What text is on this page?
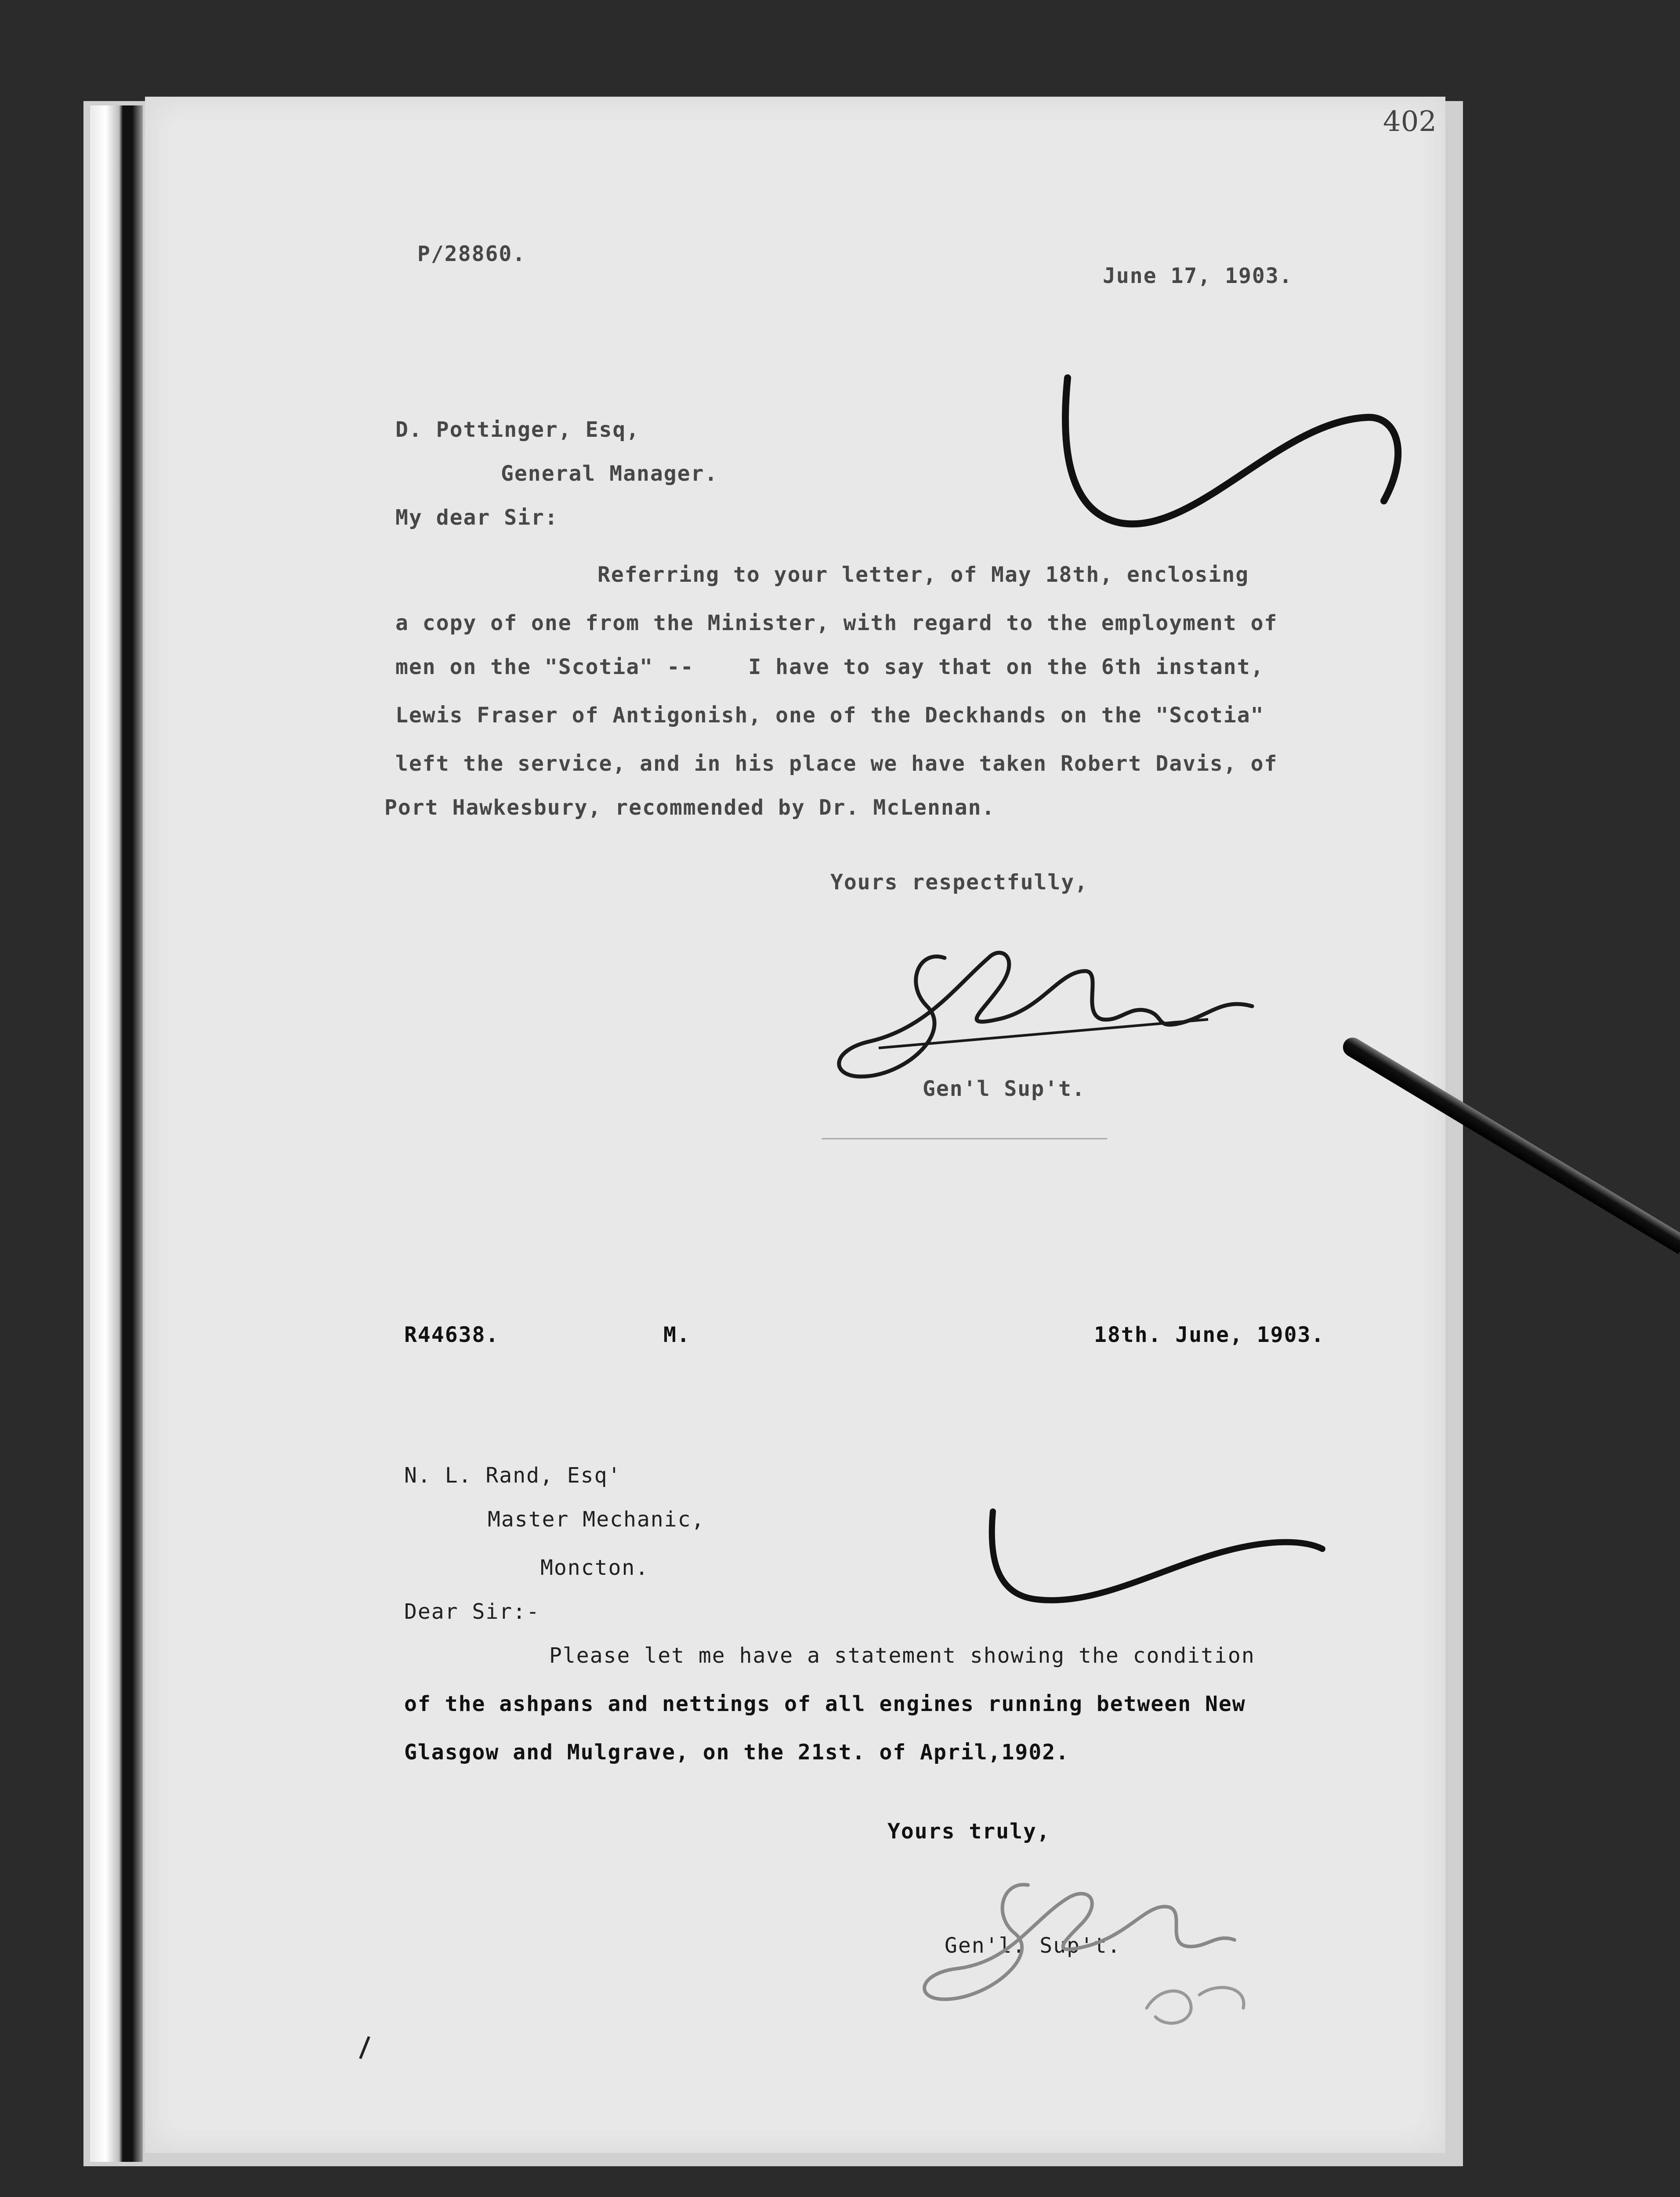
402
P/28860.
June 17, 1903.
D. Pottinger, Esq,
General Manager.
My dear Sir:
Referring to your letter, of May 18th, enclosing
a copy of one from the Minister, with regard to the employment of
men on the "Scotia" --    I have to say that on the 6th instant,
Lewis Fraser of Antigonish, one of the Deckhands on the "Scotia"
left the service, and in his place we have taken Robert Davis, of
Port Hawkesbury, recommended by Dr. McLennan.
Yours respectfully,
Gen'l Sup't.
R44638.	M.	18th. June, 1903.
N. L. Rand, Esq'
Master Mechanic,
Moncton.
Dear Sir:-
Please let me have a statement showing the condition
of the ashpans and nettings of all engines running between New
Glasgow and Mulgrave, on the 21st. of April,1902.
Yours truly,
Gen'l. Sup't.
